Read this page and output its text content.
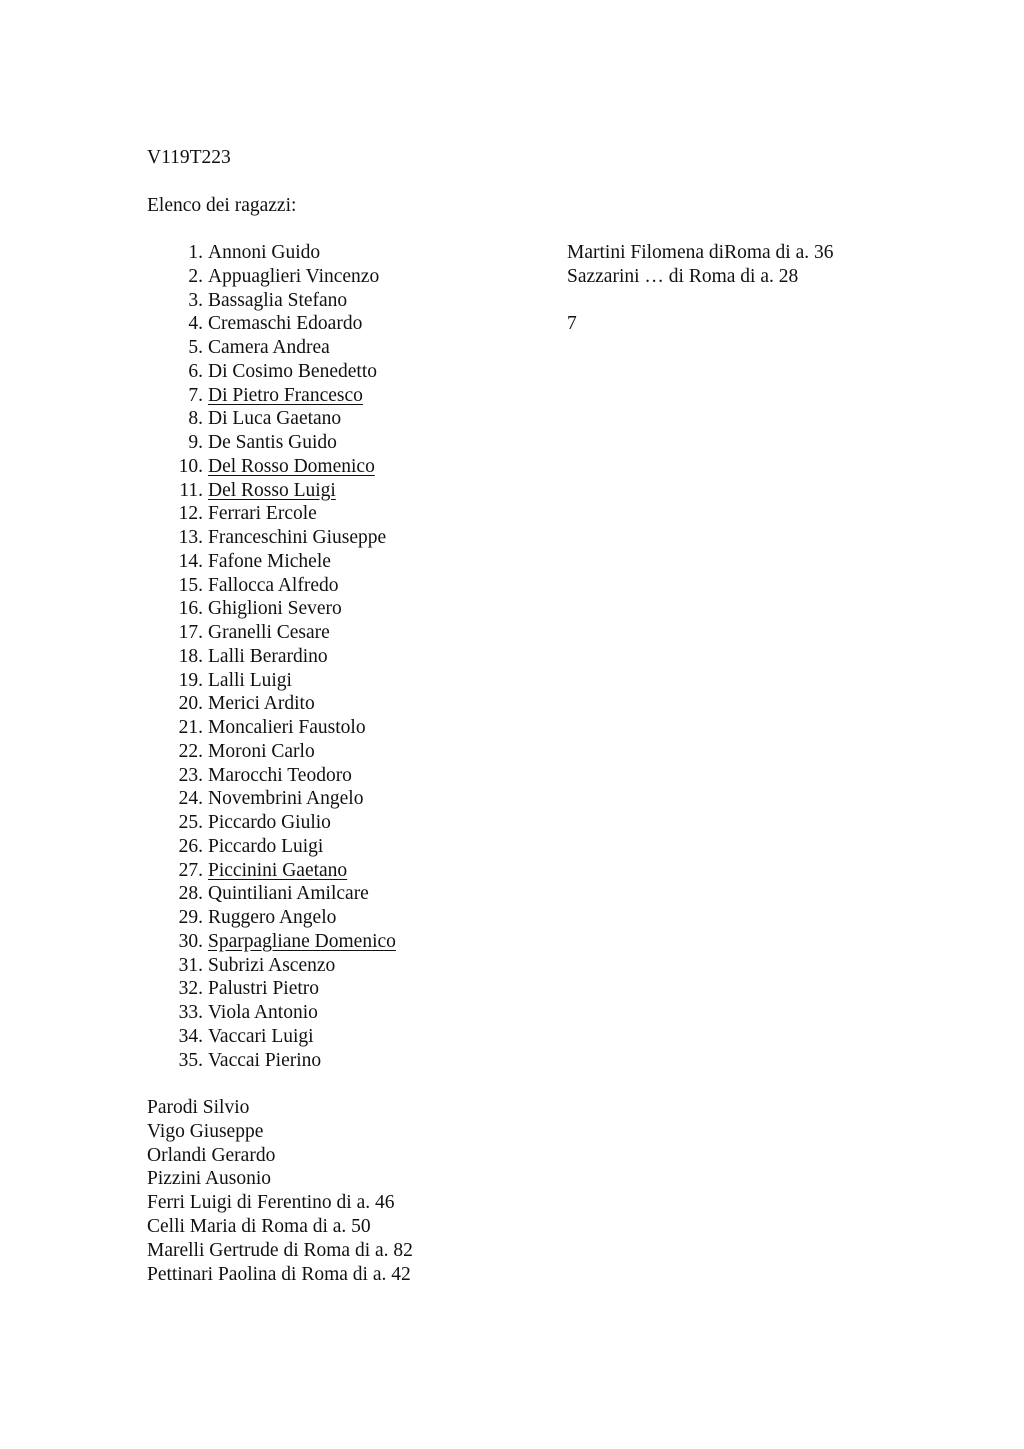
V119T223
Elenco dei ragazzi:
1. Annoni Guido
2. Appuaglieri Vincenzo
3. Bassaglia Stefano
4. Cremaschi Edoardo
5. Camera Andrea
6. Di Cosimo Benedetto
7. Di Pietro Francesco
8. Di Luca Gaetano
9. De Santis Guido
10. Del Rosso Domenico
11. Del Rosso Luigi
12. Ferrari Ercole
13. Franceschini Giuseppe
14. Fafone Michele
15. Fallocca Alfredo
16. Ghiglioni Severo
17. Granelli Cesare
18. Lalli Berardino
19. Lalli Luigi
20. Merici Ardito
21. Moncalieri Faustolo
22. Moroni Carlo
23. Marocchi Teodoro
24. Novembrini Angelo
25. Piccardo Giulio
26. Piccardo Luigi
27. Piccinini Gaetano
28. Quintiliani Amilcare
29. Ruggero Angelo
30. Sparpagliane Domenico
31. Subrizi Ascenzo
32. Palustri Pietro
33. Viola Antonio
34. Vaccari Luigi
35. Vaccai Pierino
Martini Filomena diRoma di a. 36
Sazzarini … di Roma di a. 28
7
Parodi Silvio
Vigo Giuseppe
Orlandi Gerardo
Pizzini Ausonio
Ferri Luigi di Ferentino di a. 46
Celli Maria di Roma di a. 50
Marelli Gertrude di Roma di a. 82
Pettinari Paolina di Roma di a. 42
